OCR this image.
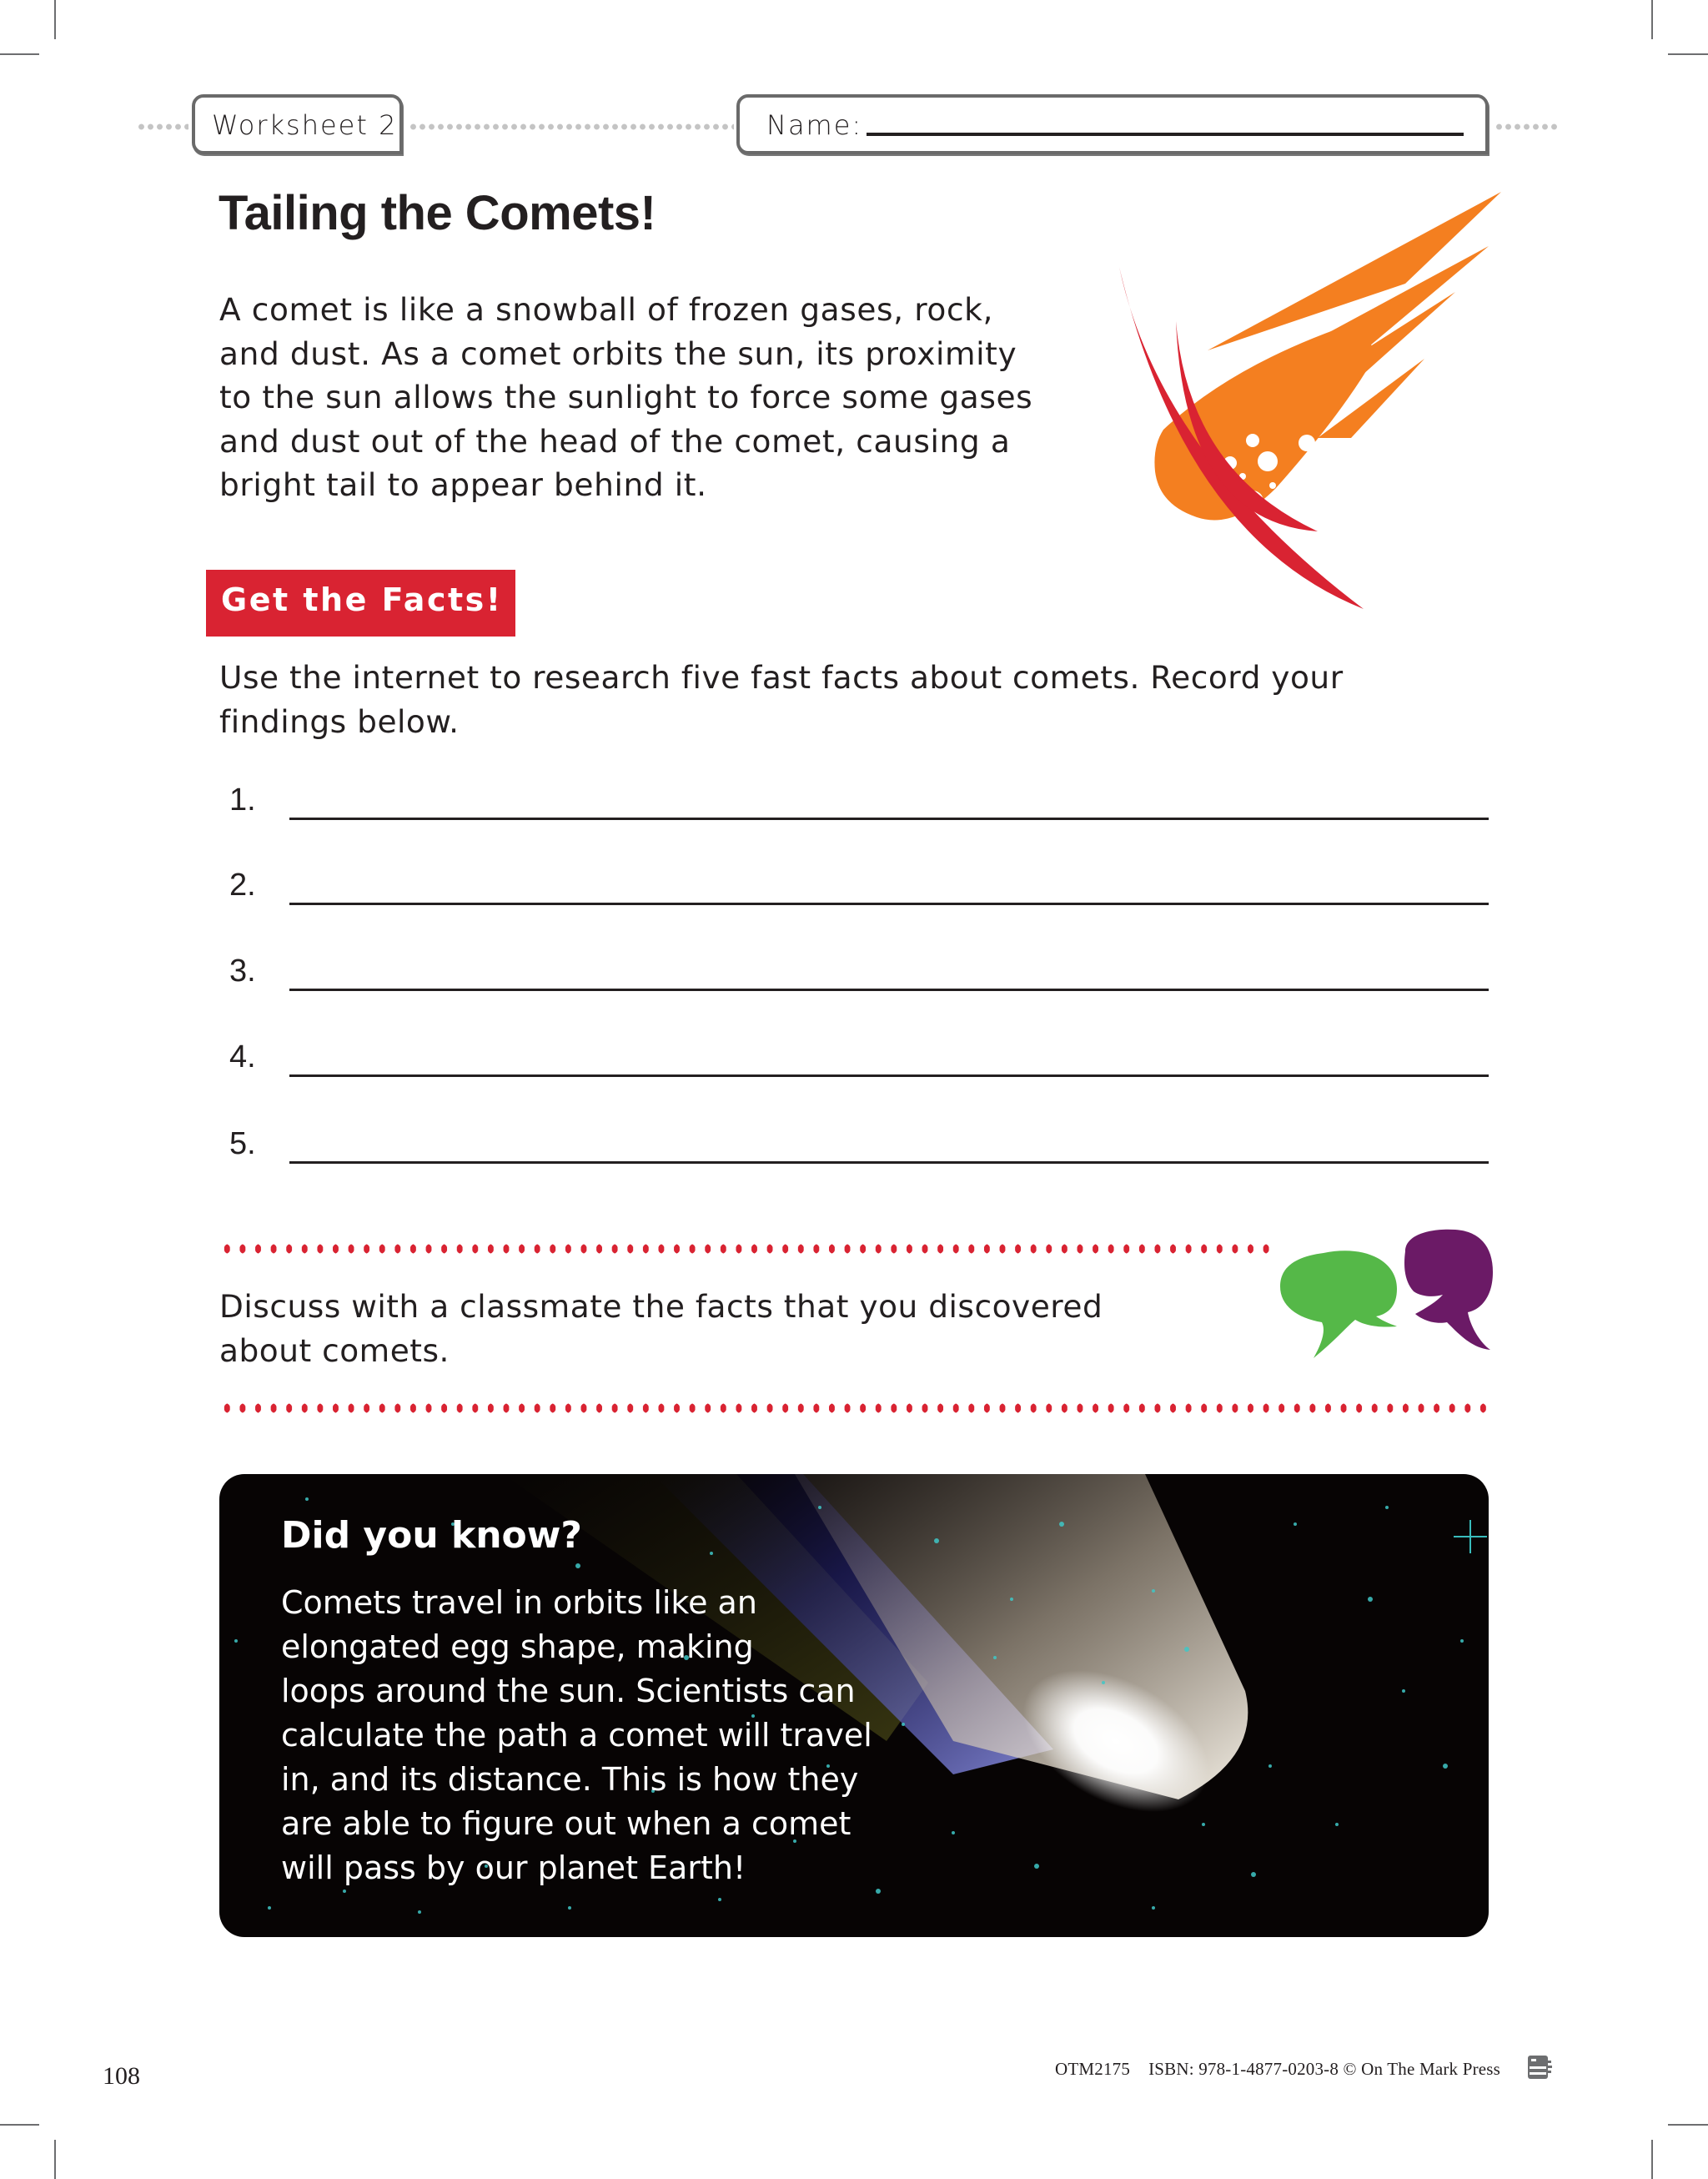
Worksheet 2	Name:
Tailing the Comets!
A comet is like a snowball of frozen gases, rock,
and dust. As a comet orbits the sun, its proximity
to the sun allows the sunlight to force some gases
and dust out of the head of the comet, causing a
bright tail to appear behind it.
Get the Facts!
Use the internet to research five fast facts about comets. Record your
findings below.
1.
2.
3.
4.
5.
Discuss with a classmate the facts that you discovered
about comets.
Did you know?
Comets travel in orbits like an
elongated egg shape, making
loops around the sun. Scientists can
calculate the path a comet will travel
in, and its distance. This is how they
are able to figure out when a comet
will pass by our planet Earth!
108	OTM2175 ISBN: 978-1-4877-0203-8 © On The Mark Press
